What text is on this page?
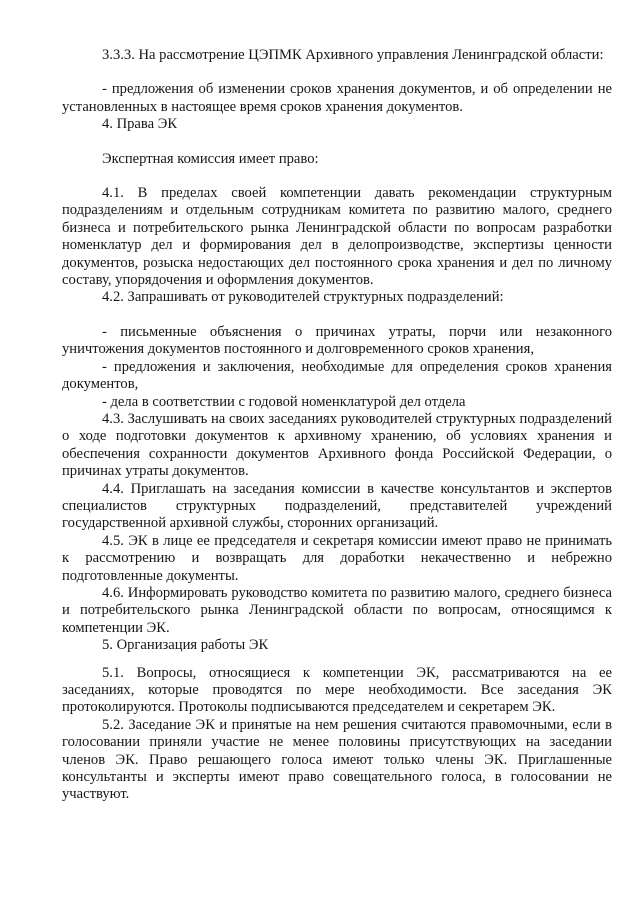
3.3.3. На рассмотрение ЦЭПМК Архивного управления Ленинградской области:

- предложения об изменении сроков хранения документов, и об определении не установленных в настоящее время сроков хранения документов.

4. Права ЭК

Экспертная комиссия имеет право:

4.1. В пределах своей компетенции давать рекомендации структурным подразделениям и отдельным сотрудникам комитета по развитию малого, среднего бизнеса и потребительского рынка Ленинградской области по вопросам разработки номенклатур дел и формирования дел в делопроизводстве, экспертизы ценности документов, розыска недостающих дел постоянного срока хранения и дел по личному составу, упорядочения и оформления документов.

4.2. Запрашивать от руководителей структурных подразделений:

- письменные объяснения о причинах утраты, порчи или незаконного уничтожения документов постоянного и долговременного сроков хранения,

- предложения и заключения, необходимые для определения сроков хранения документов,

- дела в соответствии с годовой номенклатурой дел отдела

4.3. Заслушивать на своих заседаниях руководителей структурных подразделений о ходе подготовки документов к архивному хранению, об условиях хранения и обеспечения сохранности документов Архивного фонда Российской Федерации, о причинах утраты документов.

4.4. Приглашать на заседания комиссии в качестве консультантов и экспертов специалистов структурных подразделений, представителей учреждений государственной архивной службы, сторонних организаций.

4.5. ЭК в лице ее председателя и секретаря комиссии имеют право не принимать к рассмотрению и возвращать для доработки некачественно и небрежно подготовленные документы.

4.6. Информировать руководство комитета по развитию малого, среднего бизнеса и потребительского рынка Ленинградской области по вопросам, относящимся к компетенции ЭК.

5. Организация работы ЭК

5.1. Вопросы, относящиеся к компетенции ЭК, рассматриваются на ее заседаниях, которые проводятся по мере необходимости. Все заседания ЭК протоколируются. Протоколы подписываются председателем и секретарем ЭК.

5.2. Заседание ЭК и принятые на нем решения считаются правомочными, если в голосовании приняли участие не менее половины присутствующих на заседании членов ЭК. Право решающего голоса имеют только члены ЭК. Приглашенные консультанты и эксперты имеют право совещательного голоса, в голосовании не участвуют.
